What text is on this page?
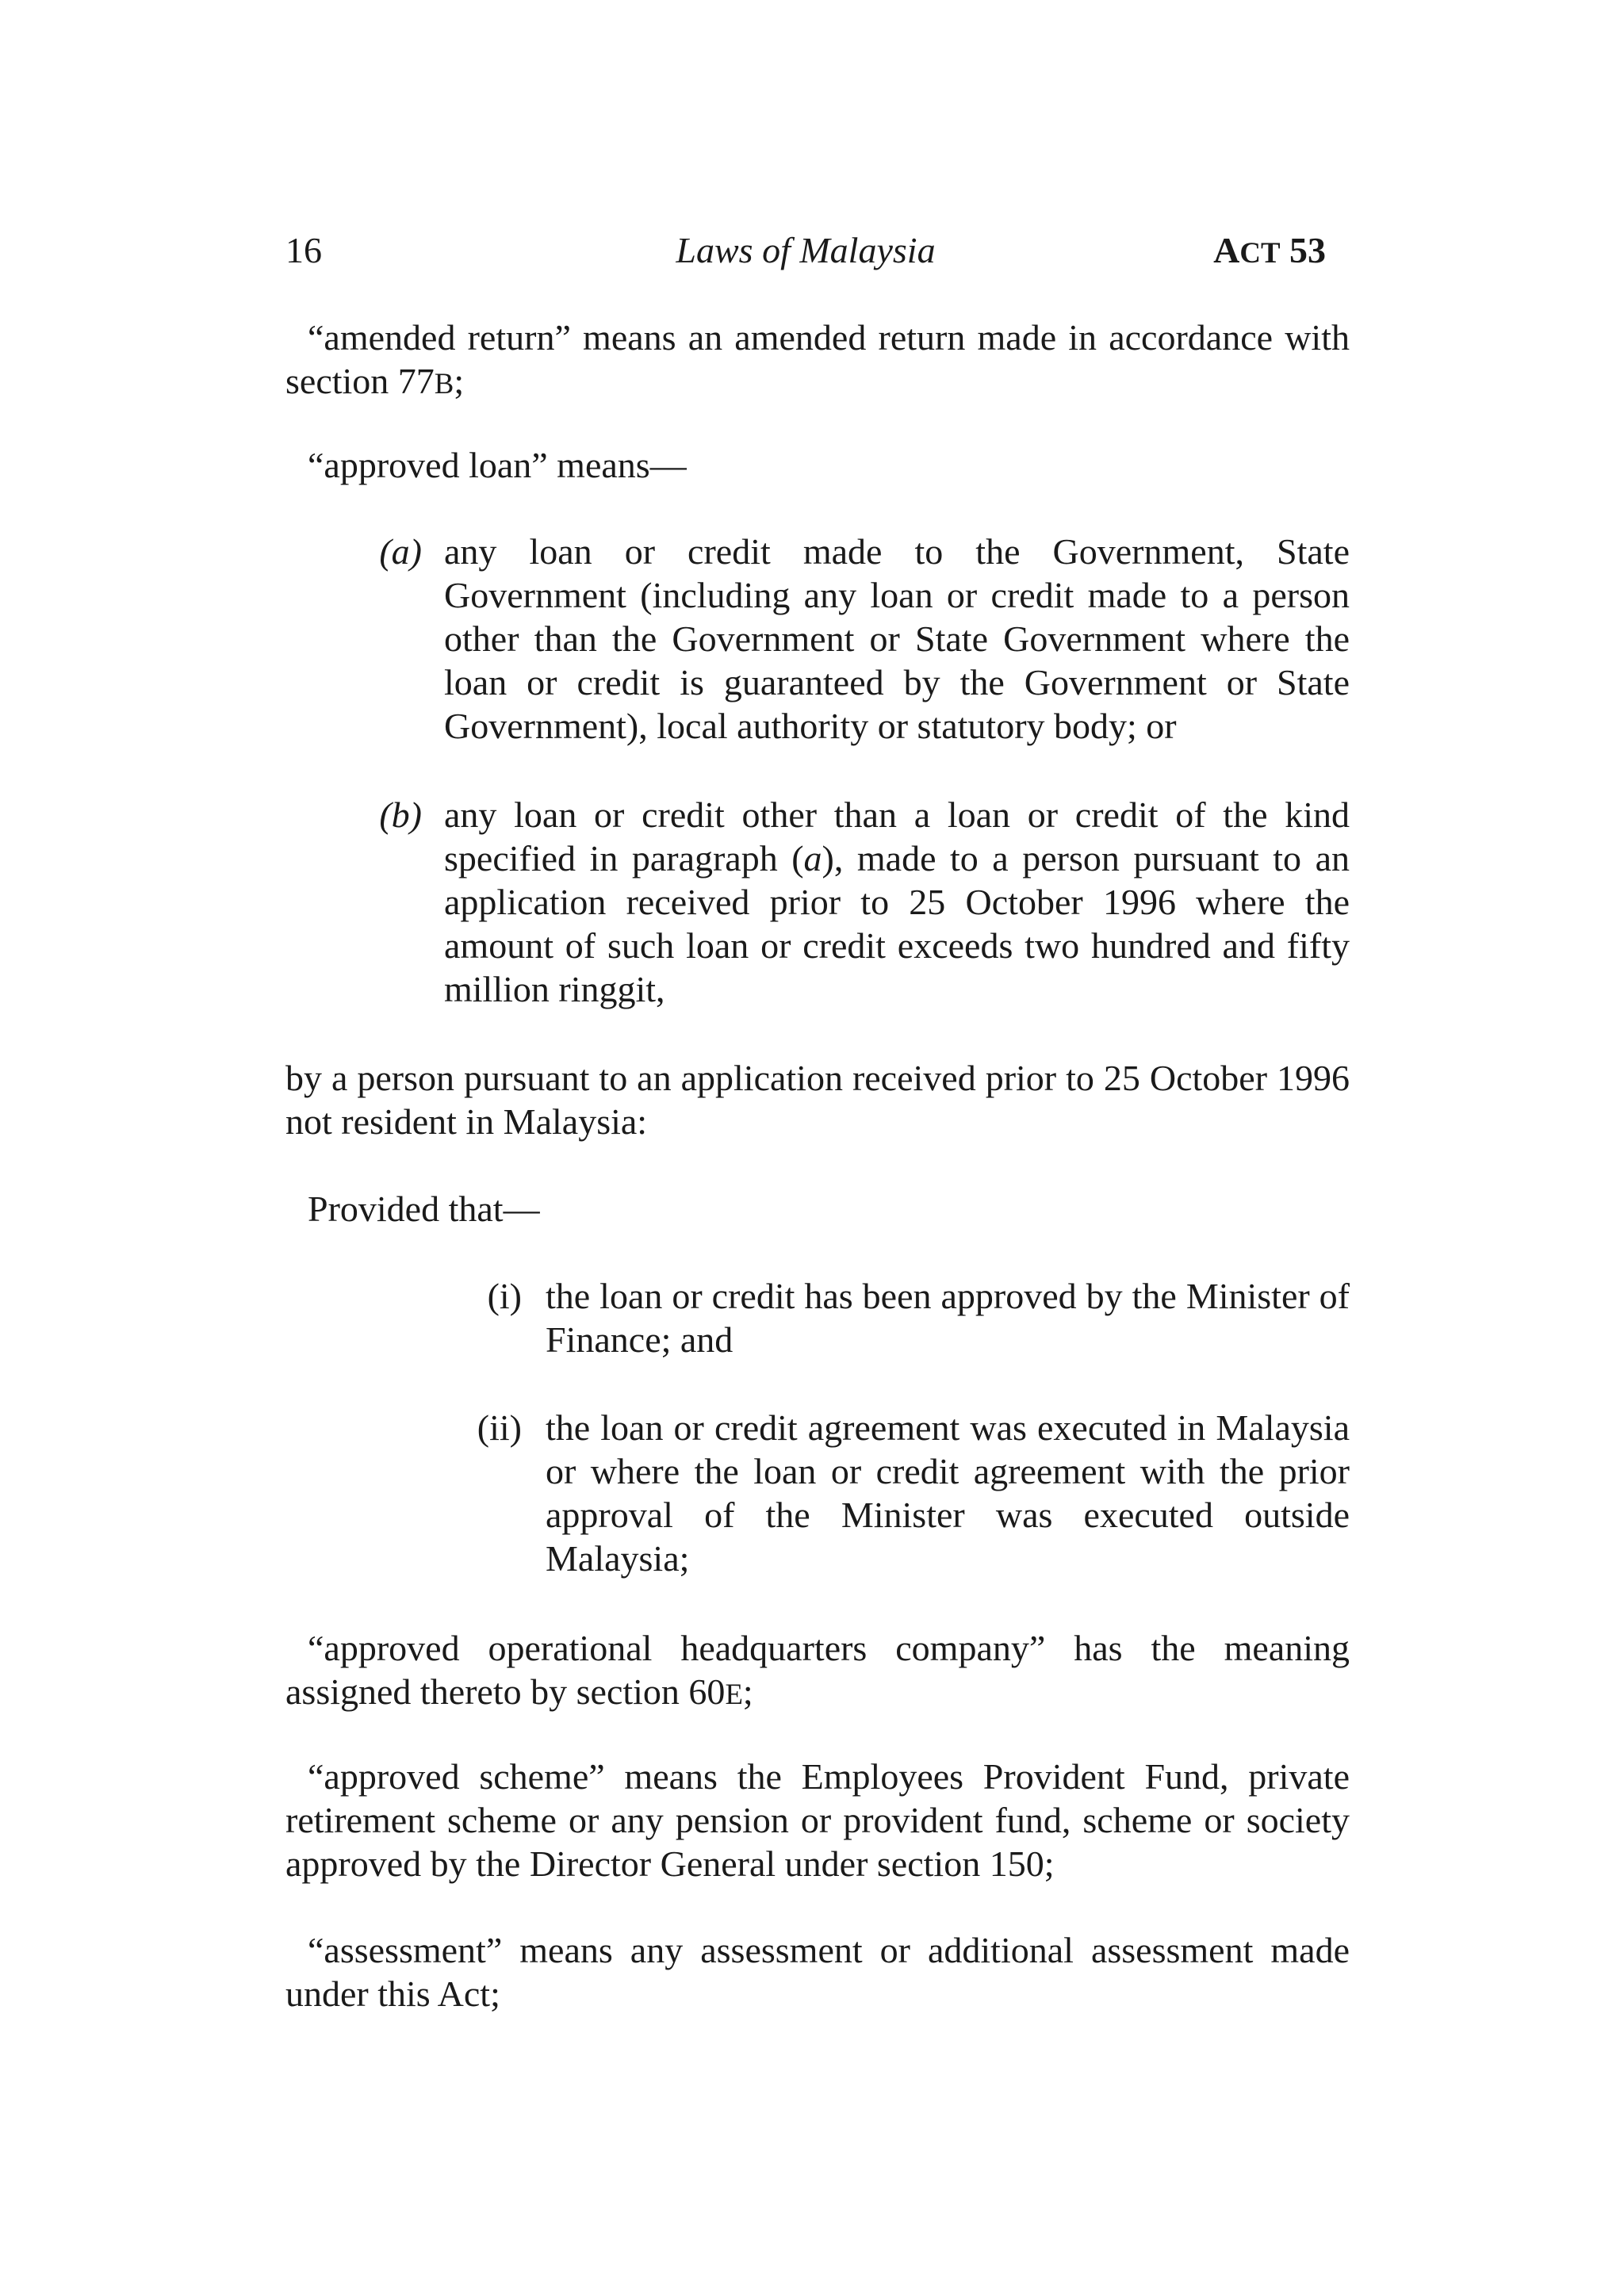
16	Laws of Malaysia	ACT 53

“amended return” means an amended return made in accordance with section 77B;

“approved loan” means—

(a) any loan or credit made to the Government, State Government (including any loan or credit made to a person other than the Government or State Government where the loan or credit is guaranteed by the Government or State Government), local authority or statutory body; or
(b) any loan or credit other than a loan or credit of the kind specified in paragraph (a), made to a person pursuant to an application received prior to 25 October 1996 where the amount of such loan or credit exceeds two hundred and fifty million ringgit,

by a person pursuant to an application received prior to 25 October 1996 not resident in Malaysia:

Provided that—

(i) the loan or credit has been approved by the Minister of Finance; and
(ii) the loan or credit agreement was executed in Malaysia or where the loan or credit agreement with the prior approval of the Minister was executed outside Malaysia;

“approved operational headquarters company” has the meaning assigned thereto by section 60E;

“approved scheme” means the Employees Provident Fund, private retirement scheme or any pension or provident fund, scheme or society approved by the Director General under section 150;

“assessment” means any assessment or additional assessment made under this Act;
